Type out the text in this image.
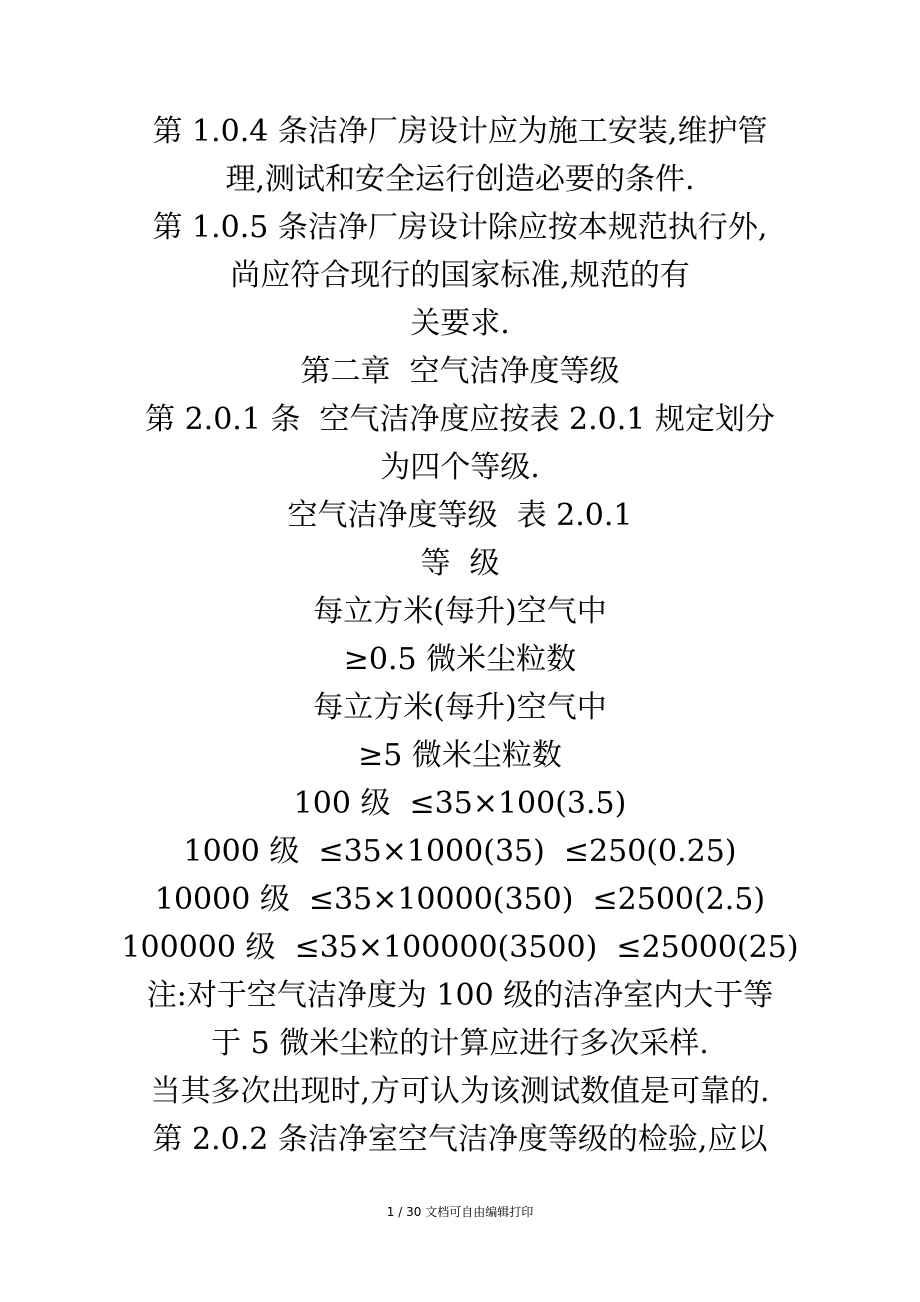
第 1.0.4 条洁净厂房设计应为施工安装,维护管
理,测试和安全运行创造必要的条件.
第 1.0.5 条洁净厂房设计除应按本规范执行外,
尚应符合现行的国家标准,规范的有
关要求.
第二章  空气洁净度等级
第 2.0.1 条  空气洁净度应按表 2.0.1 规定划分
为四个等级.
空气洁净度等级  表 2.0.1
等  级
每立方米(每升)空气中
≥0.5 微米尘粒数
每立方米(每升)空气中
≥5 微米尘粒数
100 级  ≤35×100(3.5)
1000 级  ≤35×1000(35)  ≤250(0.25)
10000 级  ≤35×10000(350)  ≤2500(2.5)
100000 级  ≤35×100000(3500)  ≤25000(25)
注:对于空气洁净度为 100 级的洁净室内大于等
于 5 微米尘粒的计算应进行多次采样.
当其多次出现时,方可认为该测试数值是可靠的.
第 2.0.2 条洁净室空气洁净度等级的检验,应以
1 / 30 文档可自由编辑打印
